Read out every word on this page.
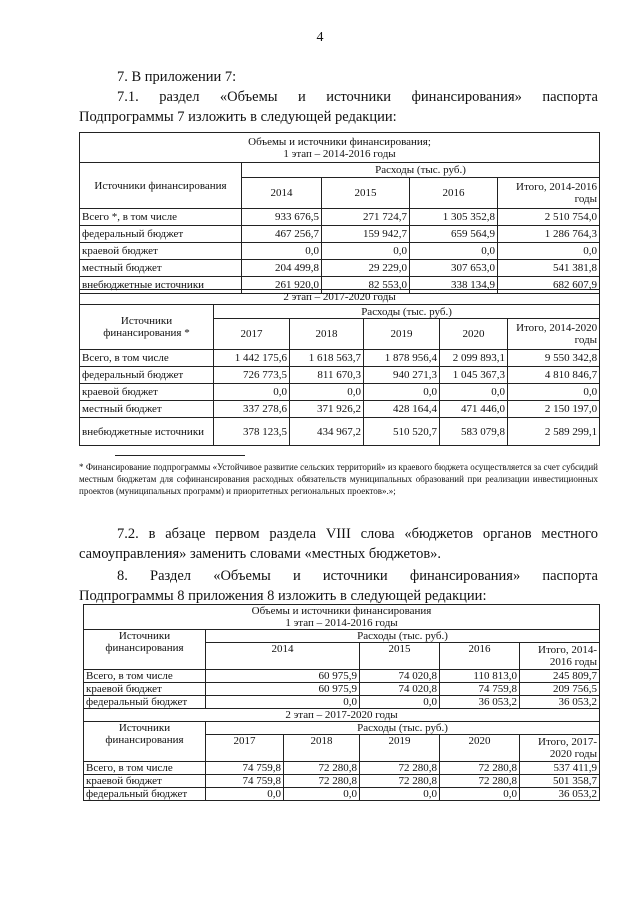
4
7. В приложении 7:
7.1. раздел «Объемы и источники финансирования» паспорта
Подпрограммы 7 изложить в следующей редакции:
Объемы и источники финансирования;
1 этап – 2014-2016 годы				

Источники финансирования	Расходы (тыс. руб.)			
	2014	2015	2016	Итого, 2014-2016 годы
Всего *, в том числе	933 676,5	271 724,7	1 305 352,8	2 510 754,0
федеральный бюджет	467 256,7	159 942,7	659 564,9	1 286 764,3
краевой бюджет	0,0	0,0	0,0	0,0
местный бюджет	204 499,8	29 229,0	307 653,0	541 381,8
внебюджетные источники	261 920,0	82 553,0	338 134,9	682 607,9
2 этап – 2017-2020 годы					
Источники финансирования *	Расходы (тыс. руб.)				
	2017	2018	2019	2020	Итого, 2014-2020 годы
Всего, в том числе	1 442 175,6	1 618 563,7	1 878 956,4	2 099 893,1	9 550 342,8
федеральный бюджет	726 773,5	811 670,3	940 271,3	1 045 367,3	4 810 846,7
краевой бюджет	0,0	0,0	0,0	0,0	0,0
местный бюджет	337 278,6	371 926,2	428 164,4	471 446,0	2 150 197,0
внебюджетные источники	378 123,5	434 967,2	510 520,7	583 079,8	2 589 299,1
* Финансирование подпрограммы «Устойчивое развитие сельских территорий» из краевого бюджета осуществляется за счет субсидий местным бюджетам для софинансирования расходных обязательств муниципальных образований при реализации инвестиционных проектов (муниципальных программ) и приоритетных региональных проектов».»;
7.2. в абзаце первом раздела VIII слова «бюджетов органов местного
самоуправления» заменить словами «местных бюджетов».
8. Раздел «Объемы и источники финансирования» паспорта
Подпрограммы 8 приложения 8 изложить в следующей редакции:
Объемы и источники финансирования
1 этап – 2014-2016 годы					

Источники финансирования	Расходы (тыс. руб.)				
	2014		2015	2016	Итого, 2014-2016 годы
Всего, в том числе	60 975,9		74 020,8	110 813,0	245 809,7
краевой бюджет	60 975,9		74 020,8	74 759,8	209 756,5
федеральный бюджет	0,0		0,0	36 053,2	36 053,2
2 этап – 2017-2020 годы					
Источники финансирования	Расходы (тыс. руб.)				
	2017	2018	2019	2020	Итого, 2017-2020 годы
Всего, в том числе	74 759,8	72 280,8	72 280,8	72 280,8	537 411,9
краевой бюджет	74 759,8	72 280,8	72 280,8	72 280,8	501 358,7
федеральный бюджет	0,0	0,0	0,0	0,0	36 053,2
